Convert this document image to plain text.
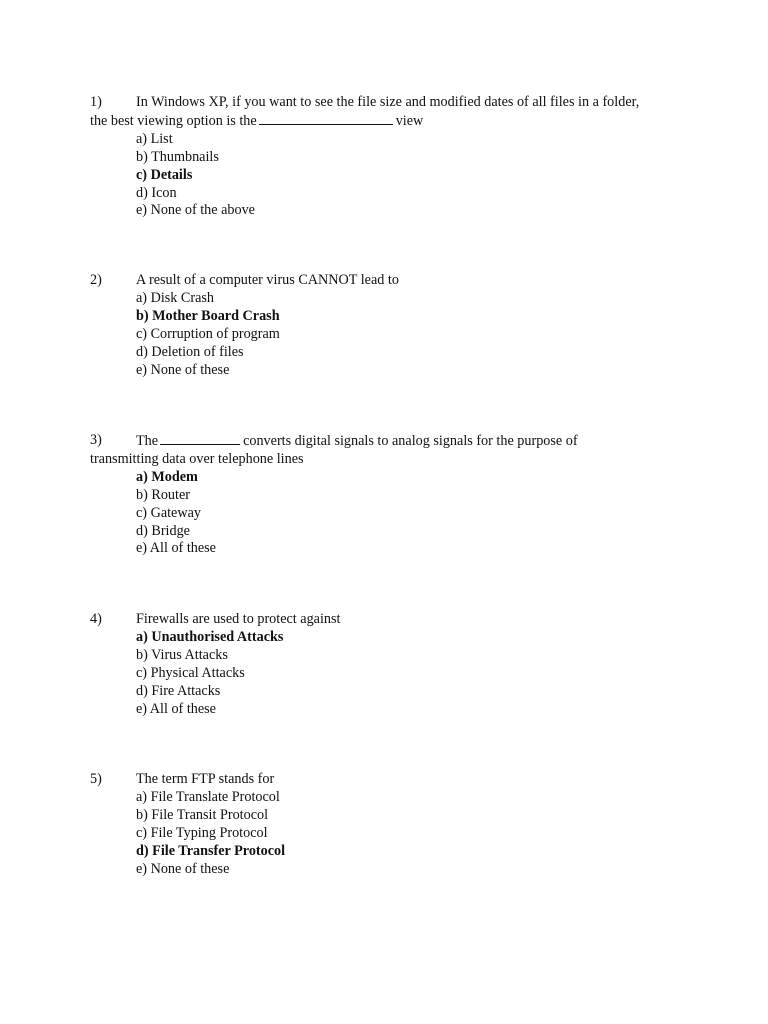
1)	In Windows XP, if you want to see the file size and modified dates of all files in a folder,
the best viewing option is the	view
a) List
b) Thumbnails
c) Details
d) Icon
e) None of the above
2)	A result of a computer virus CANNOT lead to
a) Disk Crash
b) Mother Board Crash
c) Corruption of program
d) Deletion of files
e) None of these
3)	The	converts digital signals to analog signals for the purpose of
transmitting data over telephone lines
a) Modem
b) Router
c) Gateway
d) Bridge
e) All of these
4)	Firewalls are used to protect against
a) Unauthorised Attacks
b) Virus Attacks
c) Physical Attacks
d) Fire Attacks
e) All of these
5)	The term FTP stands for
a) File Translate Protocol
b) File Transit Protocol
c) File Typing Protocol
d) File Transfer Protocol
e) None of these
